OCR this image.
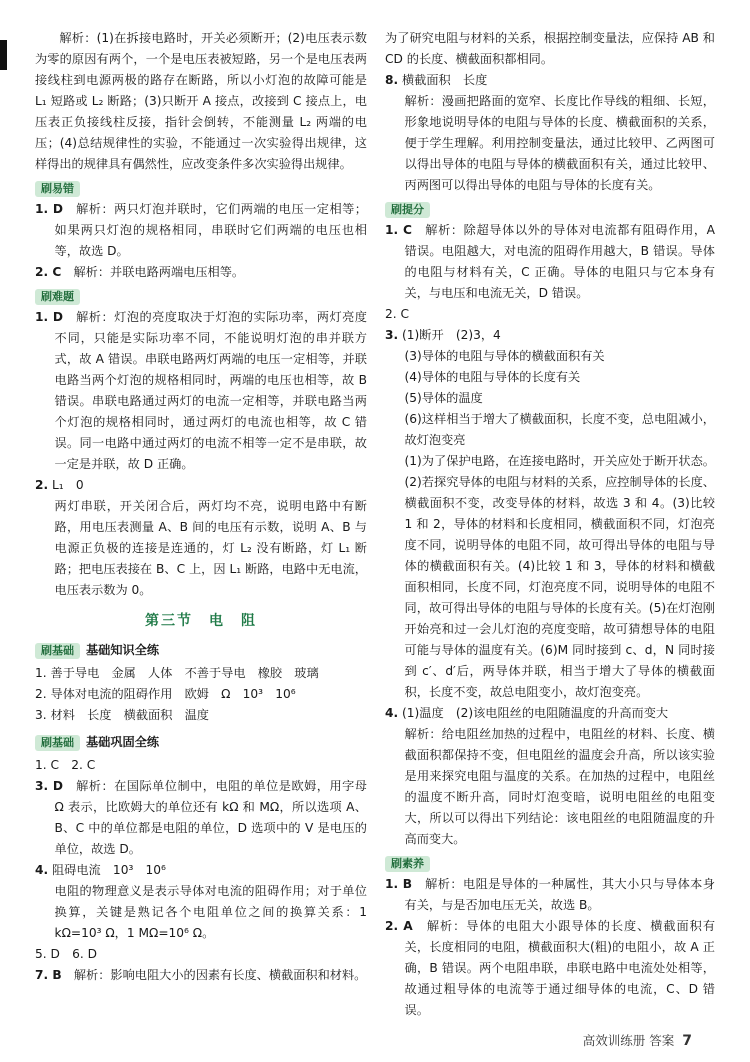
解析：(1)在拆接电路时，开关必须断开；(2)电压表示数为零的原因有两个，一个是电压表被短路，另一个是电压表两接线柱到电源两极的路存在断路，所以小灯泡的故障可能是 L₁ 短路或 L₂ 断路；(3)只断开 A 接点，改接到 C 接点上，电压表正负接线柱反接，指针会倒转，不能测量 L₂ 两端的电压；(4)总结规律性的实验，不能通过一次实验得出规律，这样得出的规律具有偶然性，应改变条件多次实验得出规律。

刷易错

1. D　 解析：两只灯泡并联时，它们两端的电压一定相等；如果两只灯泡的规格相同，串联时它们两端的电压也相等，故选 D。

2. C　 解析：并联电路两端电压相等。

刷难题

1. D　 解析：灯泡的亮度取决于灯泡的实际功率，两灯亮度不同，只能是实际功率不同，不能说明灯泡的串并联方式，故 A 错误。串联电路两灯两端的电压一定相等，并联电路当两个灯泡的规格相同时，两端的电压也相等，故 B 错误。串联电路通过两灯的电流一定相等，并联电路当两个灯泡的规格相同时，通过两灯的电流也相等，故 C 错误。同一电路中通过两灯的电流不相等一定不是串联，故一定是并联，故 D 正确。

2. L₁　0

两灯串联，开关闭合后，两灯均不亮，说明电路中有断路，用电压表测量 A、B 间的电压有示数，说明 A、B 与电源正负极的连接是连通的，灯 L₂ 没有断路，灯 L₁ 断路；把电压表接在 B、C 上，因 L₁ 断路，电路中无电流，电压表示数为 0。

第三节　电　阻
刷基础 基础知识全练

1. 善于导电　金属　人体　不善于导电　橡胶　玻璃

2. 导体对电流的阻碍作用　欧姆　Ω　10³　10⁶

3. 材料　长度　横截面积　温度

刷基础 基础巩固全练

1. C　2. C

3. D　 解析：在国际单位制中，电阻的单位是欧姆，用字母 Ω 表示，比欧姆大的单位还有 kΩ 和 MΩ，所以选项 A、B、C 中的单位都是电阻的单位，D 选项中的 V 是电压的单位，故选 D。

4. 阻碍电流　10³　10⁶

电阻的物理意义是表示导体对电流的阻碍作用；对于单位换算，关键是熟记各个电阻单位之间的换算关系：1 kΩ=10³ Ω，1 MΩ=10⁶ Ω。

5. D　6. D

7. B　 解析：影响电阻大小的因素有长度、横截面积和材料。

为了研究电阻与材料的关系，根据控制变量法，应保持 AB 和 CD 的长度、横截面积都相同。

8. 横截面积　长度

解析：漫画把路面的宽窄、长度比作导线的粗细、长短，形象地说明导体的电阻与导体的长度、横截面积的关系，便于学生理解。利用控制变量法，通过比较甲、乙两图可以得出导体的电阻与导体的横截面积有关，通过比较甲、丙两图可以得出导体的电阻与导体的长度有关。

刷提分

1. C　 解析：除超导体以外的导体对电流都有阻碍作用，A 错误。电阻越大，对电流的阻碍作用越大，B 错误。导体的电阻与材料有关，C 正确。导体的电阻只与它本身有关，与电压和电流无关，D 错误。

2. C

3. (1)断开　(2)3，4

(3)导体的电阻与导体的横截面积有关

(4)导体的电阻与导体的长度有关

(5)导体的温度

(6)这样相当于增大了横截面积，长度不变，总电阻减小，故灯泡变亮

(1)为了保护电路，在连接电路时，开关应处于断开状态。(2)若探究导体的电阻与材料的关系，应控制导体的长度、横截面积不变，改变导体的材料，故选 3 和 4。(3)比较 1 和 2，导体的材料和长度相同，横截面积不同，灯泡亮度不同，说明导体的电阻不同，故可得出导体的电阻与导体的横截面积有关。(4)比较 1 和 3，导体的材料和横截面积相同，长度不同，灯泡亮度不同，说明导体的电阻不同，故可得出导体的电阻与导体的长度有关。(5)在灯泡刚开始亮和过一会儿灯泡的亮度变暗，故可猜想导体的电阻可能与导体的温度有关。(6)M 同时接到 c、d，N 同时接到 c′、d′后，两导体并联，相当于增大了导体的横截面积，长度不变，故总电阻变小，故灯泡变亮。

4. (1)温度　(2)该电阻丝的电阻随温度的升高而变大

解析：给电阻丝加热的过程中，电阻丝的材料、长度、横截面积都保持不变，但电阻丝的温度会升高，所以该实验是用来探究电阻与温度的关系。在加热的过程中，电阻丝的温度不断升高，同时灯泡变暗，说明电阻丝的电阻变大，所以可以得出下列结论：该电阻丝的电阻随温度的升高而变大。

刷素养

1. B　 解析：电阻是导体的一种属性，其大小只与导体本身有关，与是否加电压无关，故选 B。

2. A　 解析：导体的电阻大小跟导体的长度、横截面积有关，长度相同的电阻，横截面积大(粗)的电阻小，故 A 正确，B 错误。两个电阻串联，串联电路中电流处处相等，故通过粗导体的电流等于通过细导体的电流，C、D 错误。

高效训练册 答案 7
